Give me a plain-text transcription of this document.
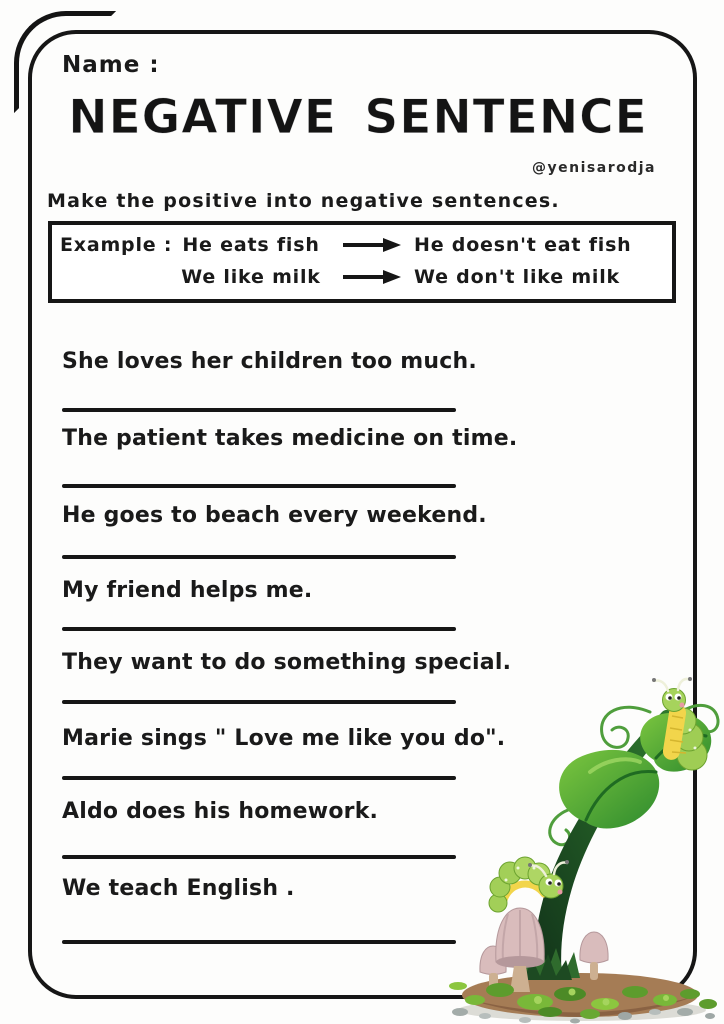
Name :
NEGATIVE SENTENCE
@yenisarodja
Make the positive into negative sentences.
Example : He eats fish	He doesn't eat fish
We like milk	We don't like milk
She loves her children too much.
The patient takes medicine on time.
He goes to beach every weekend.
My friend helps me.
They want to do something special.
Marie sings " Love me like you do".
Aldo does his homework.
We teach English .
